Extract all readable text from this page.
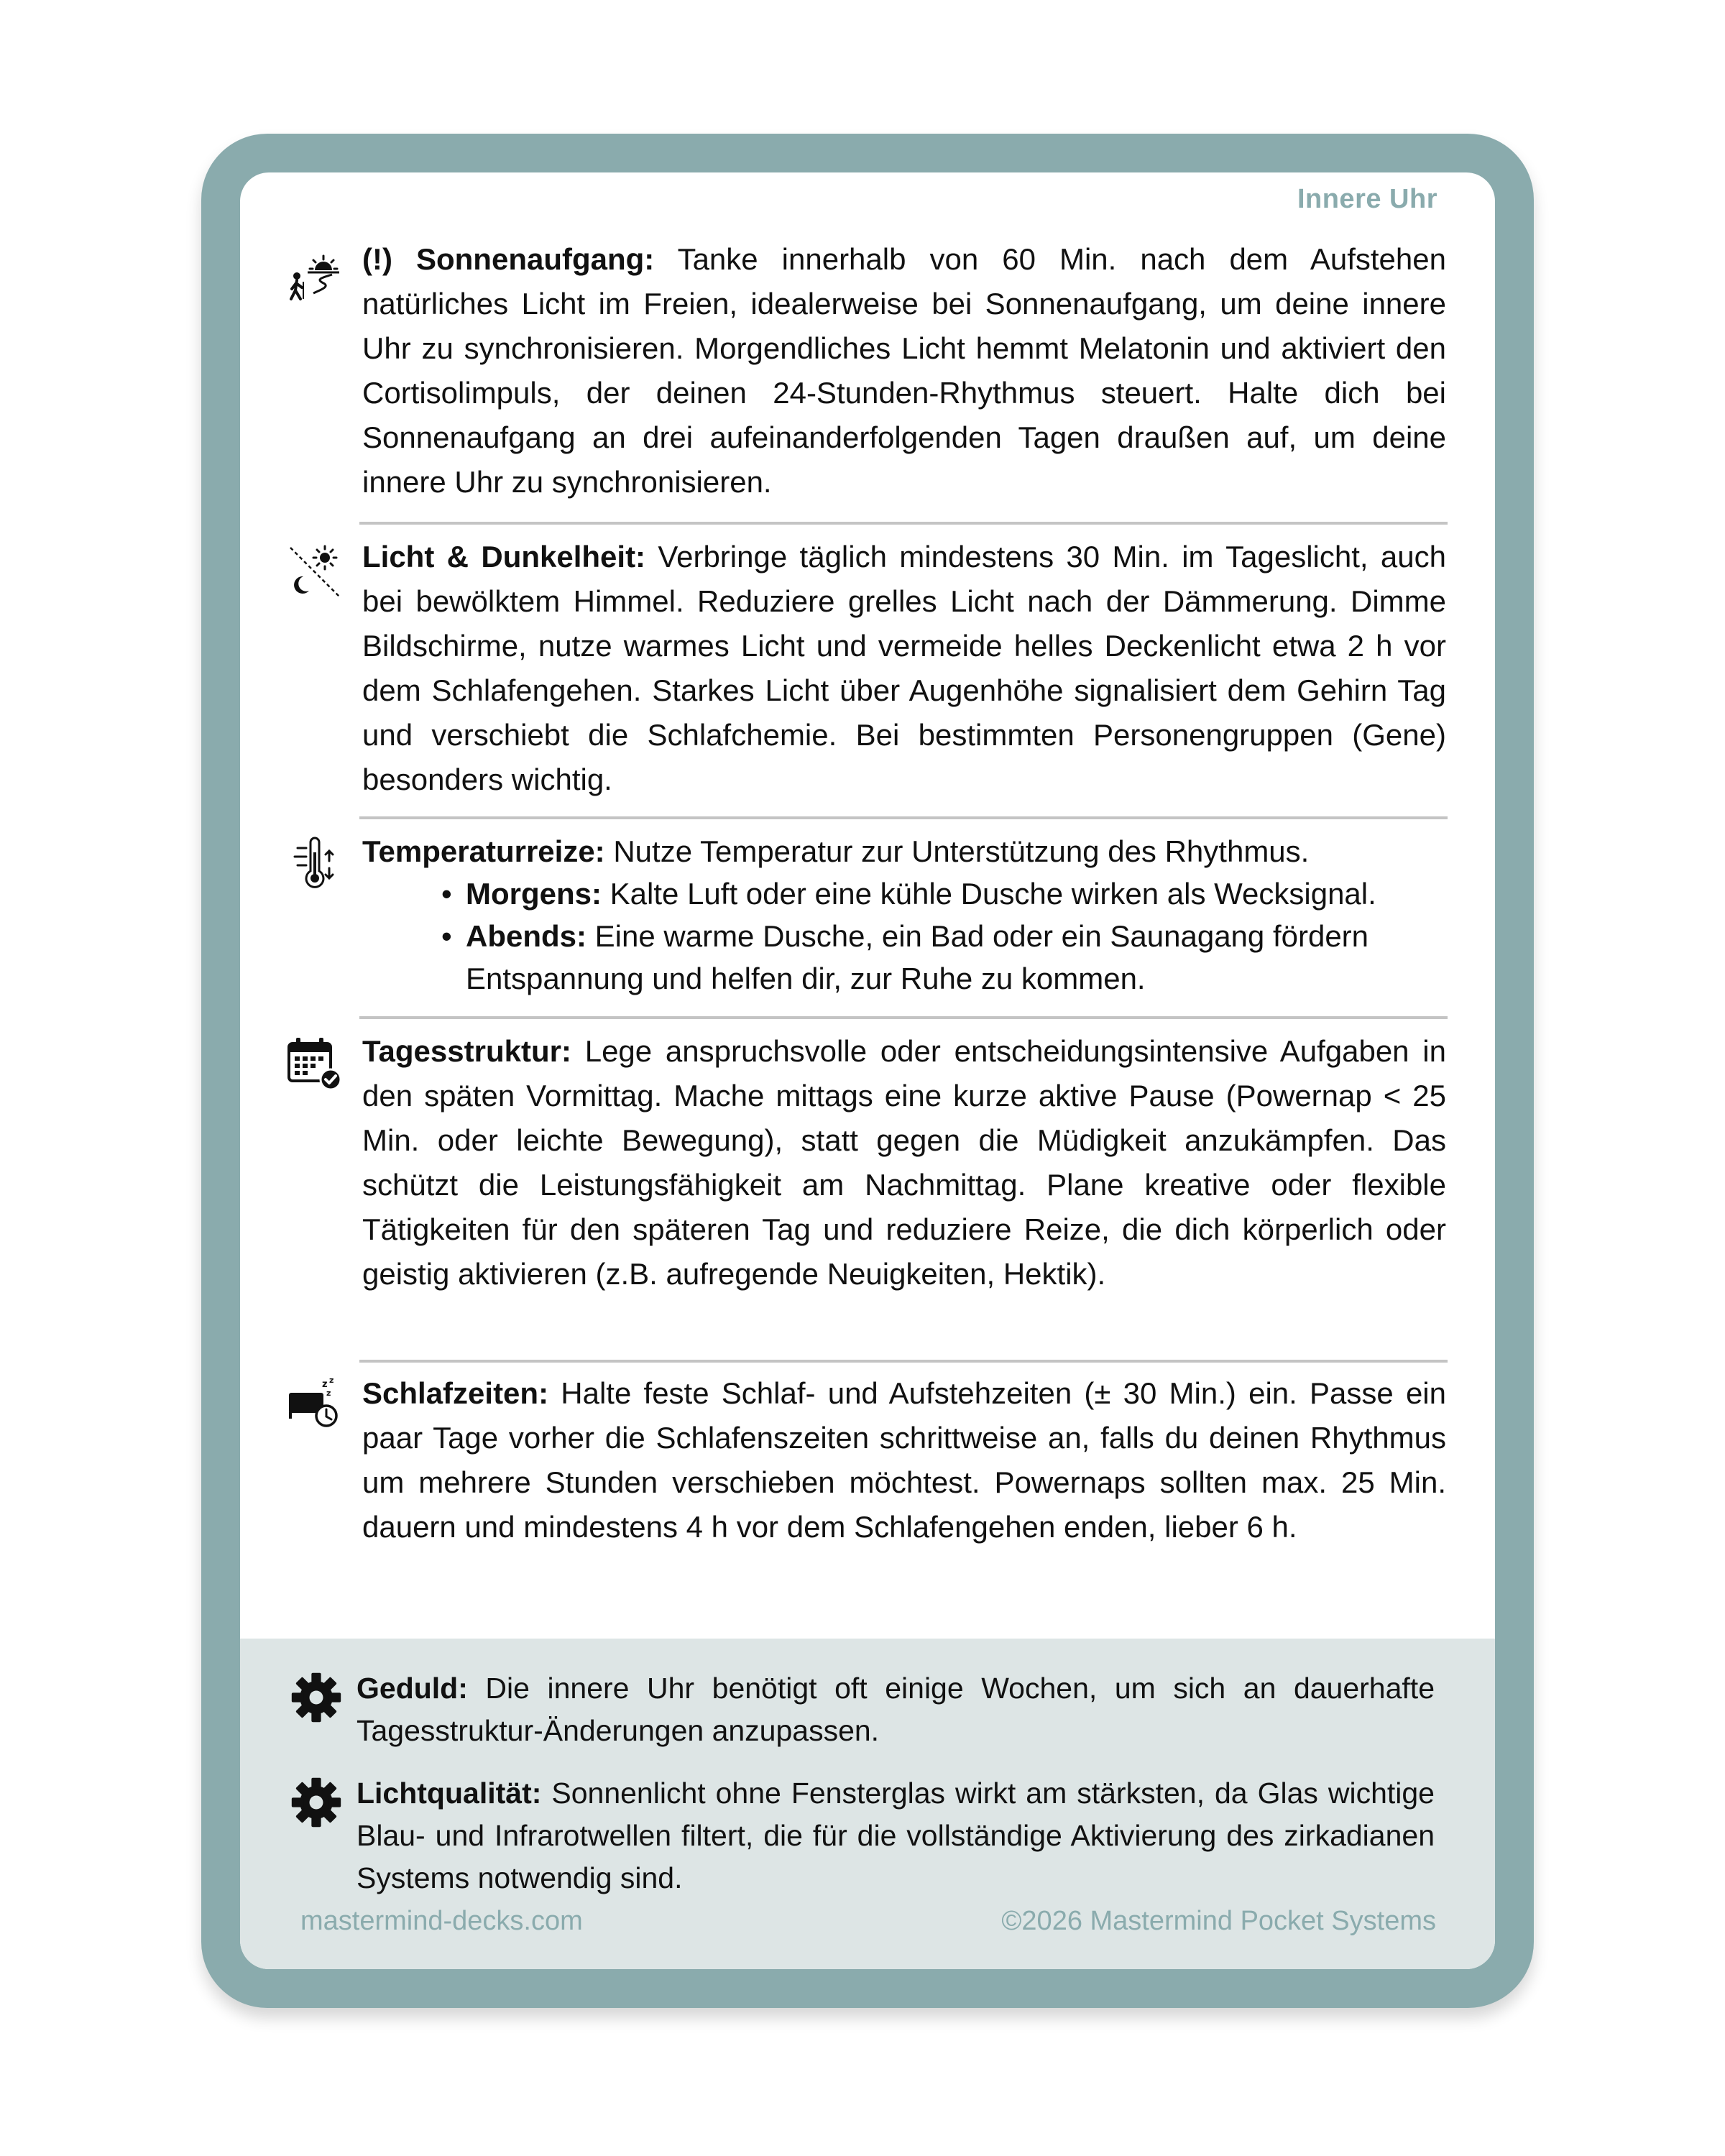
Innere Uhr

(!) Sonnenaufgang: Tanke innerhalb von 60 Min. nach dem Aufstehen natürliches Licht im Freien, idealerweise bei Sonnenaufgang, um deine innere Uhr zu synchronisieren. Morgendliches Licht hemmt Melatonin und aktiviert den Cortisolimpuls, der deinen 24-Stunden-Rhythmus steuert. Halte dich bei Sonnenaufgang an drei aufeinanderfolgenden Tagen draußen auf, um deine innere Uhr zu synchronisieren.

Licht & Dunkelheit: Verbringe täglich mindestens 30 Min. im Tageslicht, auch bei bewölktem Himmel. Reduziere grelles Licht nach der Dämmerung. Dimme Bildschirme, nutze warmes Licht und vermeide helles Deckenlicht etwa 2 h vor dem Schlafengehen. Starkes Licht über Augenhöhe signalisiert dem Gehirn Tag und verschiebt die Schlafchemie. Bei bestimmten Personengruppen (Gene) besonders wichtig.

Temperaturreize: Nutze Temperatur zur Unterstützung des Rhythmus.

• Morgens: Kalte Luft oder eine kühle Dusche wirken als Wecksignal.
• Abends: Eine warme Dusche, ein Bad oder ein Saunagang fördern Entspannung und helfen dir, zur Ruhe zu kommen.

Tagesstruktur: Lege anspruchsvolle oder entscheidungsintensive Aufgaben in den späten Vormittag. Mache mittags eine kurze aktive Pause (Powernap < 25 Min. oder leichte Bewegung), statt gegen die Müdigkeit anzukämpfen. Das schützt die Leistungsfähigkeit am Nachmittag. Plane kreative oder flexible Tätigkeiten für den späteren Tag und reduziere Reize, die dich körperlich oder geistig aktivieren (z.B. aufregende Neuigkeiten, Hektik).

z z
z Schlafzeiten: Halte feste Schlaf- und Aufstehzeiten (± 30 Min.) ein. Passe ein paar Tage vorher die Schlafenszeiten schrittweise an, falls du deinen Rhythmus um mehrere Stunden verschieben möchtest. Powernaps sollten max. 25 Min. dauern und mindestens 4 h vor dem Schlafengehen enden, lieber 6 h.

Geduld: Die innere Uhr benötigt oft einige Wochen, um sich an dauerhafte Tagesstruktur-Änderungen anzupassen.

Lichtqualität: Sonnenlicht ohne Fensterglas wirkt am stärksten, da Glas wichtige Blau- und Infrarotwellen filtert, die für die vollständige Aktivierung des zirkadianen Systems notwendig sind.

mastermind-decks.com	©2026 Mastermind Pocket Systems
